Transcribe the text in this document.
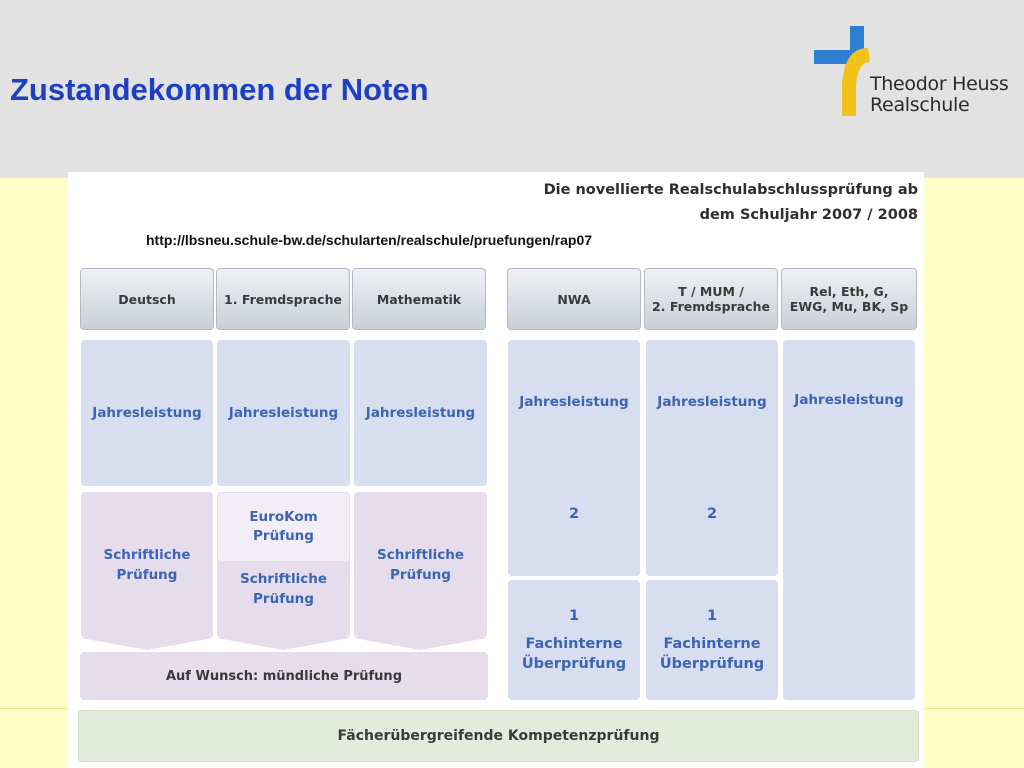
Zustandekommen der Noten	Theodor Heuss
Realschule
Die novellierte Realschulabschlussprüfung ab
dem Schuljahr 2007 / 2008
http://lbsneu.schule-bw.de/schularten/realschule/pruefungen/rap07
Deutsch	1. Fremdsprache	Mathematik	NWA	T / MUM /
2. Fremdsprache
Rel, Eth, G,
EWG, Mu, BK, Sp
Jahresleistung	Jahresleistung	Jahresleistung
Jahresleistung
2
Jahresleistung
2
Jahresleistung
Schriftliche
Prüfung
EuroKom
Prüfung
Schriftliche
Prüfung
Schriftliche
Prüfung
1
Fachinterne
Überprüfung
1
Fachinterne
Überprüfung
Auf Wunsch: mündliche Prüfung
Fächerübergreifende Kompetenzprüfung
